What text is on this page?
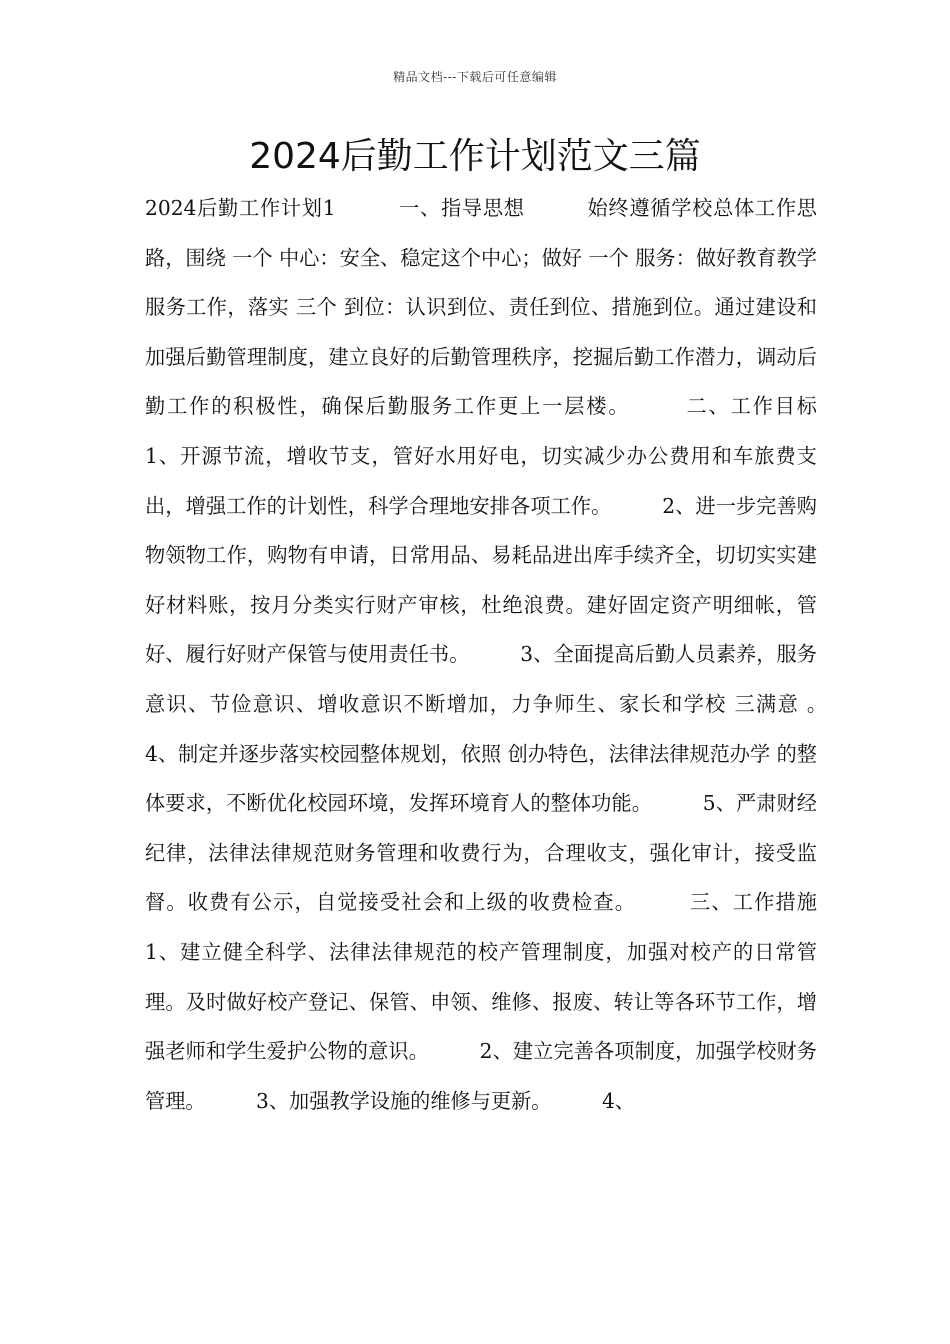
精品文档---下载后可任意编辑
2024后勤工作计划范文三篇

2024后勤工作计划1　　　一、指导思想　　　始终遵循学校总体工作思路，围绕 一个 中心：安全、稳定这个中心；做好 一个 服务：做好教育教学服务工作，落实 三个 到位：认识到位、责任到位、措施到位。通过建设和加强后勤管理制度，建立良好的后勤管理秩序，挖掘后勤工作潜力，调动后勤工作的积极性，确保后勤服务工作更上一层楼。　　　二、工作目标　　　1、开源节流，增收节支，管好水用好电，切实减少办公费用和车旅费支出，增强工作的计划性，科学合理地安排各项工作。　　　2、进一步完善购物领物工作，购物有申请，日常用品、易耗品进出库手续齐全，切切实实建好材料账，按月分类实行财产审核，杜绝浪费。建好固定资产明细帐，管好、履行好财产保管与使用责任书。　　　3、全面提高后勤人员素养，服务意识、节俭意识、增收意识不断增加，力争师生、家长和学校 三满意 。　　　4、制定并逐步落实校园整体规划，依照 创办特色，法律法律规范办学 的整体要求，不断优化校园环境，发挥环境育人的整体功能。　　　5、严肃财经纪律，法律法律规范财务管理和收费行为，合理收支，强化审计，接受监督。收费有公示，自觉接受社会和上级的收费检查。　　　三、工作措施　　　1、建立健全科学、法律法律规范的校产管理制度，加强对校产的日常管理。及时做好校产登记、保管、申领、维修、报废、转让等各环节工作，增强老师和学生爱护公物的意识。　　　2、建立完善各项制度，加强学校财务管理。　　　3、加强教学设施的维修与更新。　　　4、
